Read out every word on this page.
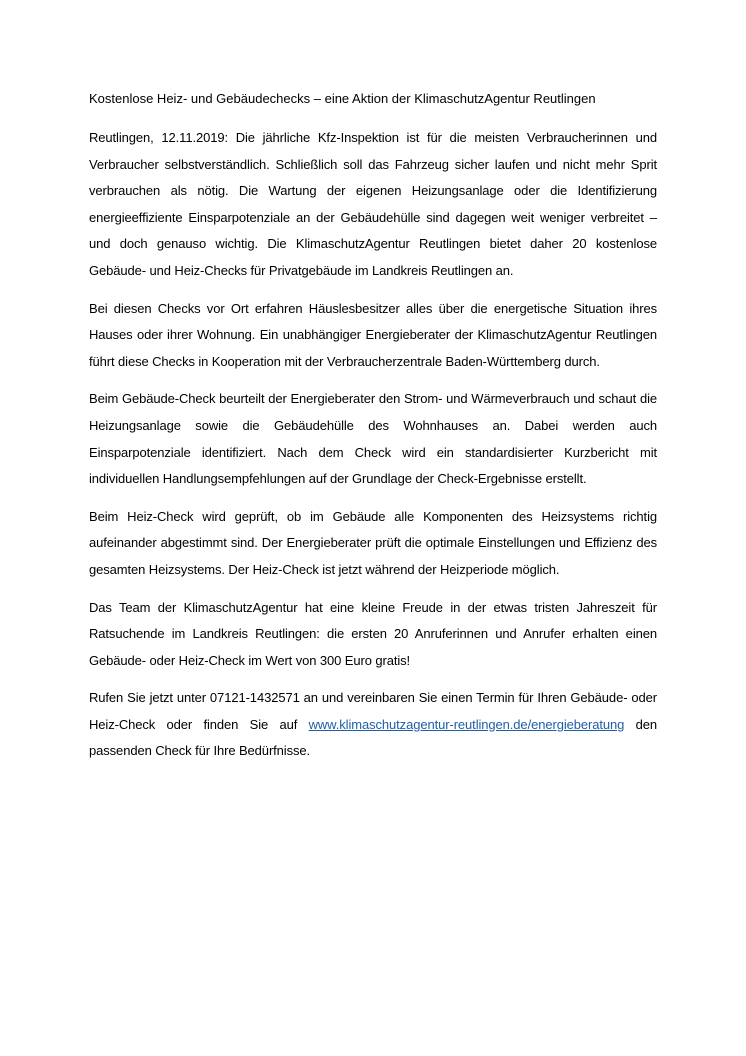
Kostenlose Heiz- und Gebäudechecks – eine Aktion der KlimaschutzAgentur Reutlingen

Reutlingen, 12.11.2019: Die jährliche Kfz-Inspektion ist für die meisten Verbraucherinnen und Verbraucher selbstverständlich. Schließlich soll das Fahrzeug sicher laufen und nicht mehr Sprit verbrauchen als nötig. Die Wartung der eigenen Heizungsanlage oder die Identifizierung energieeffiziente Einsparpotenziale an der Gebäudehülle sind dagegen weit weniger verbreitet – und doch genauso wichtig. Die KlimaschutzAgentur Reutlingen bietet daher 20 kostenlose Gebäude- und Heiz-Checks für Privatgebäude im Landkreis Reutlingen an.

Bei diesen Checks vor Ort erfahren Häuslesbesitzer alles über die energetische Situation ihres Hauses oder ihrer Wohnung. Ein unabhängiger Energieberater der KlimaschutzAgentur Reutlingen führt diese Checks in Kooperation mit der Verbraucherzentrale Baden-Württemberg durch.

Beim Gebäude-Check beurteilt der Energieberater den Strom- und Wärmeverbrauch und schaut die Heizungsanlage sowie die Gebäudehülle des Wohnhauses an. Dabei werden auch Einsparpotenziale identifiziert. Nach dem Check wird ein standardisierter Kurzbericht mit individuellen Handlungsempfehlungen auf der Grundlage der Check-Ergebnisse erstellt.

Beim Heiz-Check wird geprüft, ob im Gebäude alle Komponenten des Heizsystems richtig aufeinander abgestimmt sind. Der Energieberater prüft die optimale Einstellungen und Effizienz des gesamten Heizsystems. Der Heiz-Check ist jetzt während der Heizperiode möglich.

Das Team der KlimaschutzAgentur hat eine kleine Freude in der etwas tristen Jahreszeit für Ratsuchende im Landkreis Reutlingen: die ersten 20 Anruferinnen und Anrufer erhalten einen Gebäude- oder Heiz-Check im Wert von 300 Euro gratis!

Rufen Sie jetzt unter 07121-1432571 an und vereinbaren Sie einen Termin für Ihren Gebäude- oder Heiz-Check oder finden Sie auf www.klimaschutzagentur-reutlingen.de/energieberatung den passenden Check für Ihre Bedürfnisse.
